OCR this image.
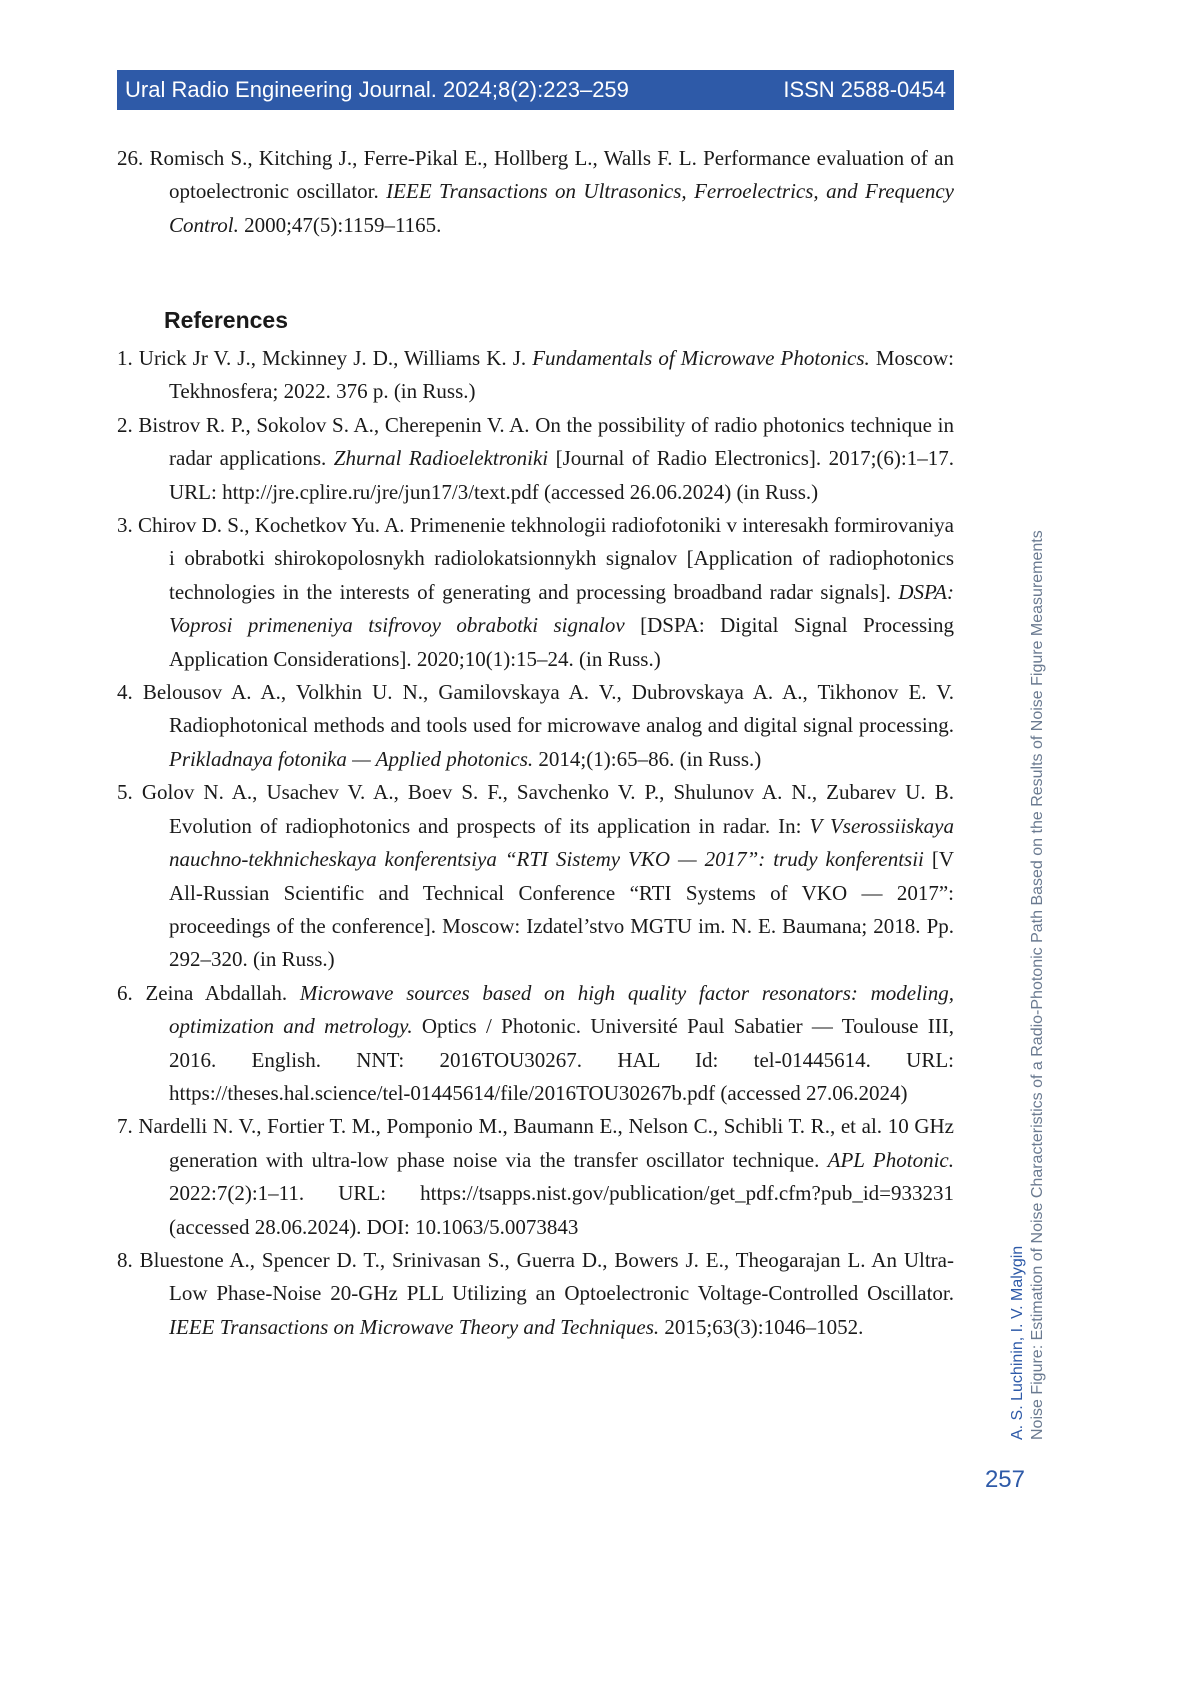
Ural Radio Engineering Journal. 2024;8(2):223–259	ISSN 2588-0454

26. Romisch S., Kitching J., Ferre-Pikal E., Hollberg L., Walls F. L. Performance evaluation of an optoelectronic oscillator. IEEE Transactions on Ultrasonics, Ferroelectrics, and Frequency Control. 2000;47(5):1159–1165.

References

1. Urick Jr V. J., Mckinney J. D., Williams K. J. Fundamentals of Microwave Photonics. Moscow: Tekhnosfera; 2022. 376 p. (in Russ.)

2. Bistrov R. P., Sokolov S. A., Cherepenin V. A. On the possibility of radio photonics technique in radar applications. Zhurnal Radioelektroniki [Journal of Radio Electronics]. 2017;(6):1–17. URL: http://jre.cplire.ru/jre/jun17/3/text.pdf (accessed 26.06.2024) (in Russ.)

3. Chirov D. S., Kochetkov Yu. A. Primenenie tekhnologii radiofotoniki v interesakh formirovaniya i obrabotki shirokopolosnykh radiolokatsionnykh signalov [Application of radiophotonics technologies in the interests of generating and processing broadband radar signals]. DSPA: Voprosi primeneniya tsifrovoy obrabotki signalov [DSPA: Digital Signal Processing Application Considerations]. 2020;10(1):15–24. (in Russ.)

4. Belousov A. A., Volkhin U. N., Gamilovskaya A. V., Dubrovskaya A. A., Tikhonov E. V. Radiophotonical methods and tools used for microwave analog and digital signal processing. Prikladnaya fotonika — Applied photonics. 2014;(1):65–86. (in Russ.)

5. Golov N. A., Usachev V. A., Boev S. F., Savchenko V. P., Shulunov A. N., Zubarev U. B. Evolution of radiophotonics and prospects of its application in radar. In: V Vserossiiskaya nauchno-tekhnicheskaya konferentsiya “RTI Sistemy VKO — 2017”: trudy konferentsii [V All-Russian Scientific and Technical Conference “RTI Systems of VKO — 2017”: proceedings of the conference]. Moscow: Izdatel’stvo MGTU im. N. E. Baumana; 2018. Pp. 292–320. (in Russ.)

6. Zeina Abdallah. Microwave sources based on high quality factor resonators: modeling, optimization and metrology. Optics / Photonic. Université Paul Sabatier — Toulouse III, 2016. English. NNT: 2016TOU30267. HAL Id: tel-01445614. URL: https://theses.hal.science/tel-01445614/file/2016TOU30267b.pdf (accessed 27.06.2024)

7. Nardelli N. V., Fortier T. M., Pomponio M., Baumann E., Nelson C., Schibli T. R., et al. 10 GHz generation with ultra-low phase noise via the transfer oscillator technique. APL Photonic. 2022:7(2):1–11. URL: https://tsapps.nist.gov/publication/get_pdf.cfm?pub_id=933231 (accessed 28.06.2024). DOI: 10.1063/5.0073843

8. Bluestone A., Spencer D. T., Srinivasan S., Guerra D., Bowers J. E., Theogarajan L. An Ultra-Low Phase-Noise 20-GHz PLL Utilizing an Optoelectronic Voltage-Controlled Oscillator. IEEE Transactions on Microwave Theory and Techniques. 2015;63(3):1046–1052.	A. S. Luchinin, I. V. Malygin Noise Figure: Estimation of Noise Characteristics of a Radio-Photonic Path Based on the Results of Noise Figure Measurements
257
